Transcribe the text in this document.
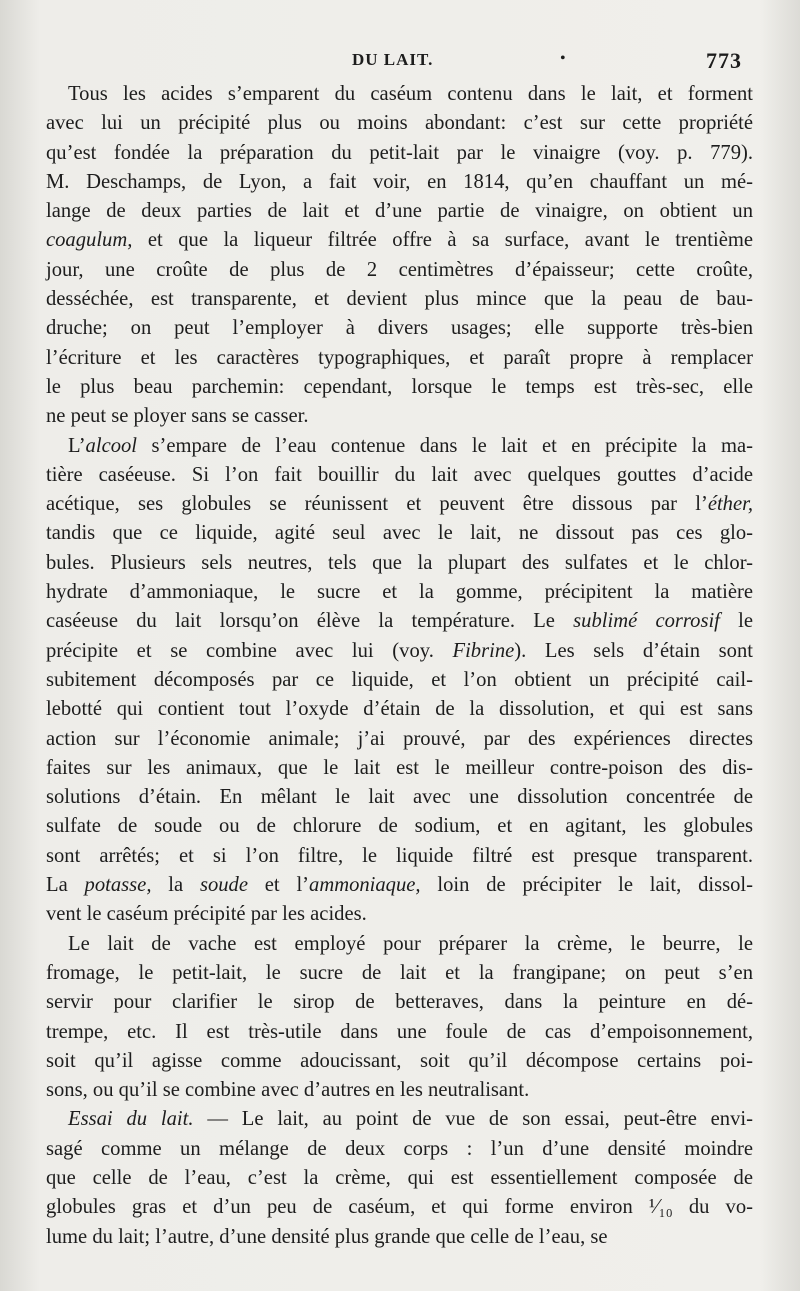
DU LAIT.	•	773
Tous les acides s’emparent du caséum contenu dans le lait, et forment
avec lui un précipité plus ou moins abondant: c’est sur cette propriété
qu’est fondée la préparation du petit-lait par le vinaigre (voy. p. 779).
M. Deschamps, de Lyon, a fait voir, en 1814, qu’en chauffant un mé-
lange de deux parties de lait et d’une partie de vinaigre, on obtient un
coagulum, et que la liqueur filtrée offre à sa surface, avant le trentième
jour, une croûte de plus de 2 centimètres d’épaisseur; cette croûte,
desséchée, est transparente, et devient plus mince que la peau de bau-
druche; on peut l’employer à divers usages; elle supporte très-bien
l’écriture et les caractères typographiques, et paraît propre à remplacer
le plus beau parchemin: cependant, lorsque le temps est très-sec, elle
ne peut se ployer sans se casser.
L’alcool s’empare de l’eau contenue dans le lait et en précipite la ma-
tière caséeuse. Si l’on fait bouillir du lait avec quelques gouttes d’acide
acétique, ses globules se réunissent et peuvent être dissous par l’éther,
tandis que ce liquide, agité seul avec le lait, ne dissout pas ces glo-
bules. Plusieurs sels neutres, tels que la plupart des sulfates et le chlor-
hydrate d’ammoniaque, le sucre et la gomme, précipitent la matière
caséeuse du lait lorsqu’on élève la température. Le sublimé corrosif le
précipite et se combine avec lui (voy. Fibrine). Les sels d’étain sont
subitement décomposés par ce liquide, et l’on obtient un précipité cail-
lebotté qui contient tout l’oxyde d’étain de la dissolution, et qui est sans
action sur l’économie animale; j’ai prouvé, par des expériences directes
faites sur les animaux, que le lait est le meilleur contre-poison des dis-
solutions d’étain. En mêlant le lait avec une dissolution concentrée de
sulfate de soude ou de chlorure de sodium, et en agitant, les globules
sont arrêtés; et si l’on filtre, le liquide filtré est presque transparent.
La potasse, la soude et l’ammoniaque, loin de précipiter le lait, dissol-
vent le caséum précipité par les acides.
Le lait de vache est employé pour préparer la crème, le beurre, le
fromage, le petit-lait, le sucre de lait et la frangipane; on peut s’en
servir pour clarifier le sirop de betteraves, dans la peinture en dé-
trempe, etc. Il est très-utile dans une foule de cas d’empoisonnement,
soit qu’il agisse comme adoucissant, soit qu’il décompose certains poi-
sons, ou qu’il se combine avec d’autres en les neutralisant.
Essai du lait. — Le lait, au point de vue de son essai, peut-être envi-
sagé comme un mélange de deux corps : l’un d’une densité moindre
que celle de l’eau, c’est la crème, qui est essentiellement composée de
globules gras et d’un peu de caséum, et qui forme environ ¹⁄₁₀ du vo-
lume du lait; l’autre, d’une densité plus grande que celle de l’eau, se
